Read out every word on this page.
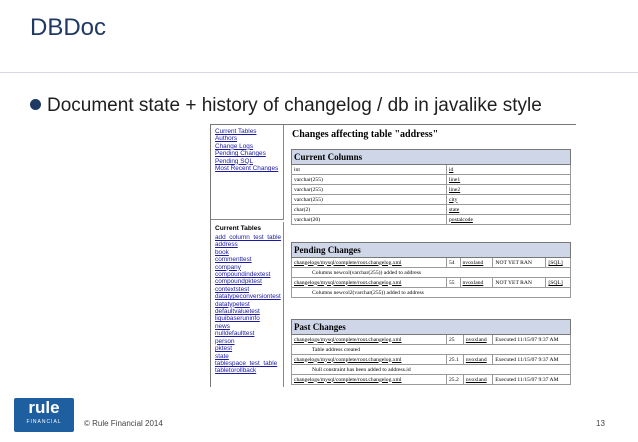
DBDoc
Document state + history of changelog / db in javalike style
Current Tables
Authors
Change Logs
Pending Changes
Pending SQL
Most Recent Changes
Current Tables
add_column_test_table
address
book
commenttest
company
compoundindextest
compoundpktest
contextstest
datatypeconversiontest
datatypetest
defaultvaluetest
liquibaseruninfo
news
nulldefaulttest
person
pktest
state
tablespace_test_table
tabletorollback
Changes affecting table "address"
Current Columns	
int	id
varchar(255)	line1
varchar(255)	line2
varchar(255)	city
char(2)	state
varchar(20)	postalcode
Pending Changes				
changelogs/mysql/complete/root.changelog.xml	54	nvoxland	NOT YET RAN	[SQL]
Columns newcol(varchar(255)) added to address				
changelogs/mysql/complete/root.changelog.xml	55	nvoxland	NOT YET RAN	[SQL]
Columns newcol2(varchar(255)) added to address				
Past Changes			
changelogs/mysql/complete/root.changelog.xml	25	nvoxland	Executed 11/15/07 9:37 AM
Table address created			
changelogs/mysql/complete/root.changelog.xml	25.1	nvoxland	Executed 11/15/07 9:37 AM
Null constraint has been added to address.id			
changelogs/mysql/complete/root.changelog.xml	25.2	nvoxland	Executed 11/15/07 9:37 AM
rule
FINANCIAL	© Rule Financial 2014	13
